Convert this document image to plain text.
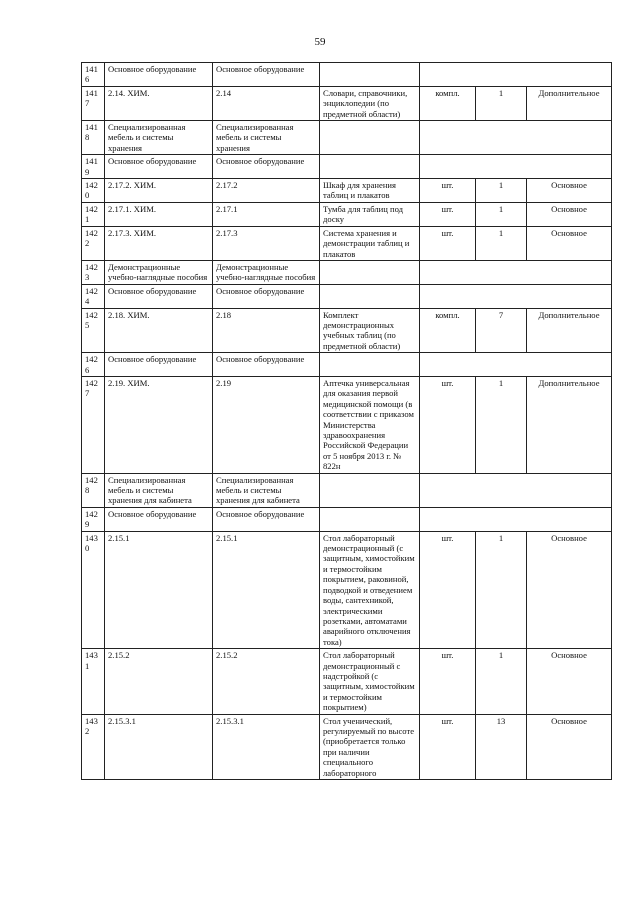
59
1416	Основное оборудование	Основное оборудование				
1417	2.14. ХИМ.	2.14	Словари, справочники, энциклопедии (по предметной области)	компл.	1	Дополнительное
1418	Специализированная мебель и системы хранения	Специализированная мебель и системы хранения				
1419	Основное оборудование	Основное оборудование				
1420	2.17.2. ХИМ.	2.17.2	Шкаф для хранения таблиц и плакатов	шт.	1	Основное
1421	2.17.1. ХИМ.	2.17.1	Тумба для таблиц под доску	шт.	1	Основное
1422	2.17.3. ХИМ.	2.17.3	Система хранения и демонстрации таблиц и плакатов	шт.	1	Основное
1423	Демонстрационные учебно-наглядные пособия	Демонстрационные учебно-наглядные пособия				
1424	Основное оборудование	Основное оборудование				
1425	2.18. ХИМ.	2.18	Комплект демонстрационных учебных таблиц (по предметной области)	компл.	7	Дополнительное
1426	Основное оборудование	Основное оборудование				
1427	2.19. ХИМ.	2.19	Аптечка универсальная для оказания первой медицинской помощи (в соответствии с приказом Министерства здравоохранения Российской Федерации от 5 ноября 2013 г. № 822н	шт.	1	Дополнительное
1428	Специализированная мебель и системы хранения для кабинета	Специализированная мебель и системы хранения для кабинета				
1429	Основное оборудование	Основное оборудование				
1430	2.15.1	2.15.1	Стол лабораторный демонстрационный (с защитным, химостойким и термостойким покрытием, раковиной, подводкой и отведением воды, сантехникой, электрическими розетками, автоматами аварийного отключения тока)	шт.	1	Основное
1431	2.15.2	2.15.2	Стол лабораторный демонстрационный с надстройкой (с защитным, химостойким и термостойким покрытием)	шт.	1	Основное
1432	2.15.3.1	2.15.3.1	Стол ученический, регулируемый по высоте (приобретается только при наличии специального лабораторного	шт.	13	Основное
